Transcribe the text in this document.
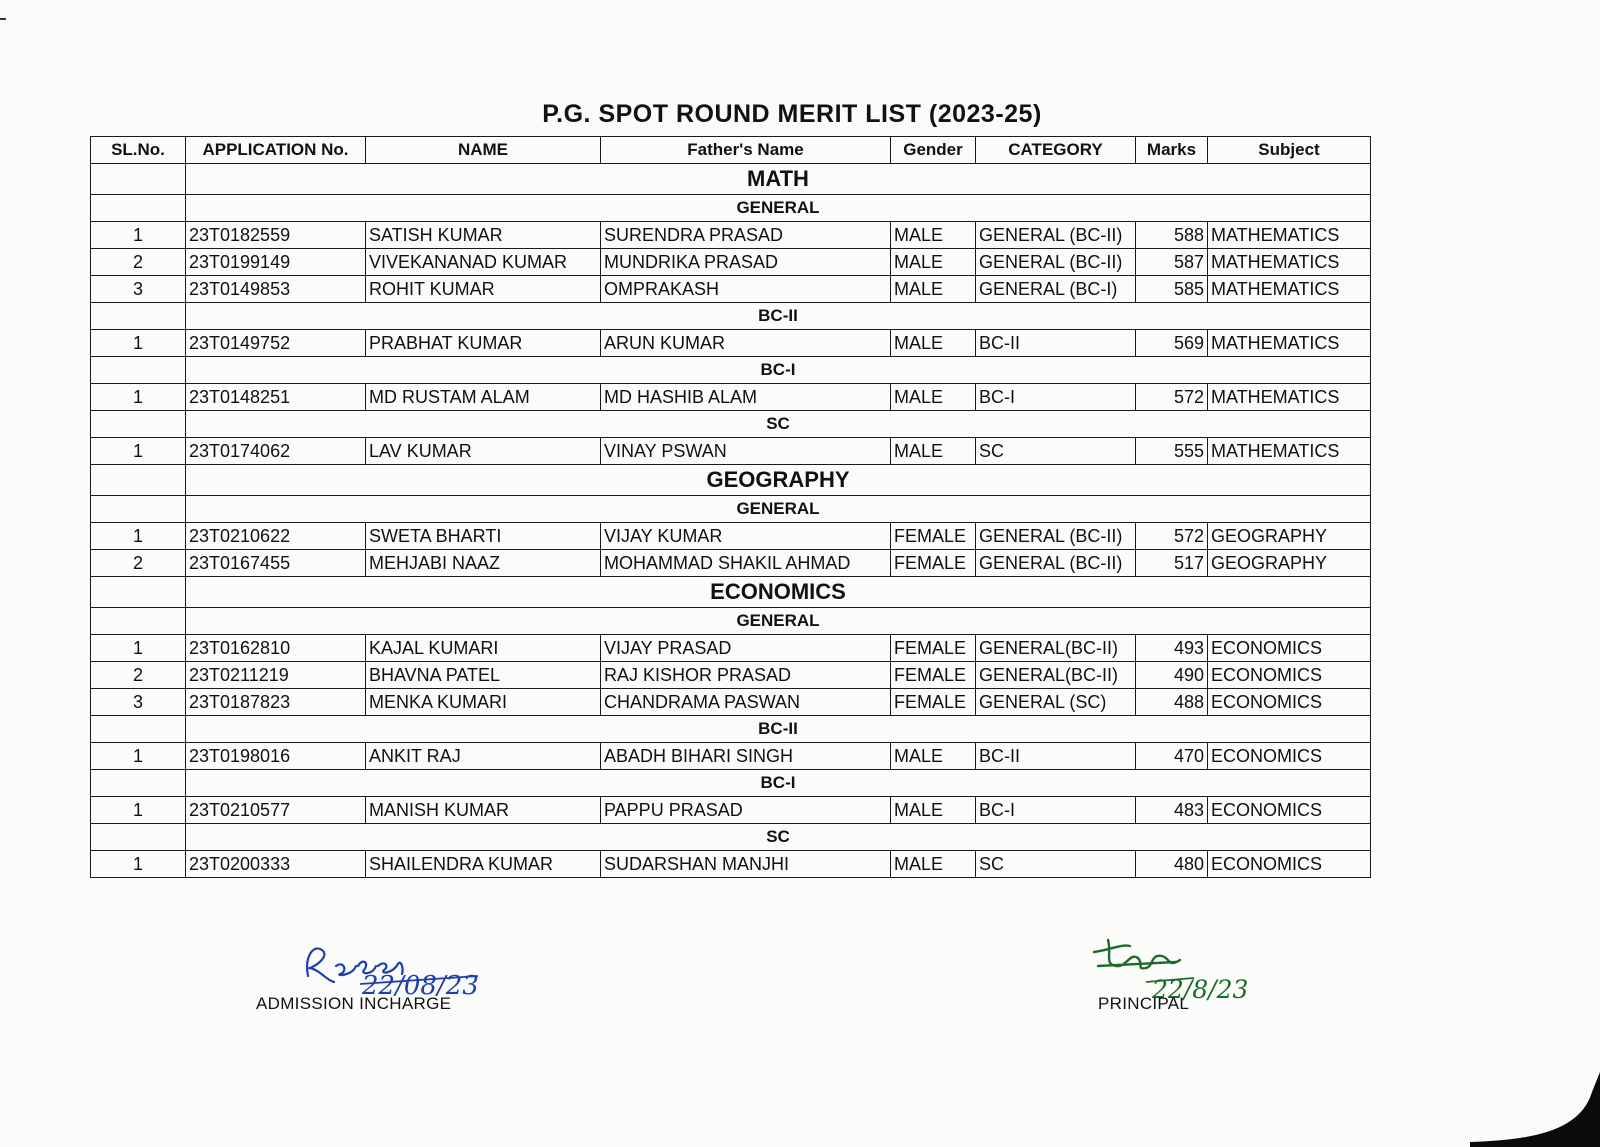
P.G. SPOT ROUND MERIT LIST (2023-25)
SL.No.	APPLICATION No.	NAME	Father's Name	Gender	CATEGORY	Marks	Subject
	MATH						
	GENERAL						
1	23T0182559	SATISH KUMAR	SURENDRA PRASAD	MALE	GENERAL (BC-II)	588	MATHEMATICS
2	23T0199149	VIVEKANANAD KUMAR	MUNDRIKA PRASAD	MALE	GENERAL (BC-II)	587	MATHEMATICS
3	23T0149853	ROHIT KUMAR	OMPRAKASH	MALE	GENERAL (BC-I)	585	MATHEMATICS
	BC-II						
1	23T0149752	PRABHAT KUMAR	ARUN KUMAR	MALE	BC-II	569	MATHEMATICS
	BC-I						
1	23T0148251	MD RUSTAM ALAM	MD HASHIB ALAM	MALE	BC-I	572	MATHEMATICS
	SC						
1	23T0174062	LAV KUMAR	VINAY PSWAN	MALE	SC	555	MATHEMATICS
	GEOGRAPHY						
	GENERAL						
1	23T0210622	SWETA BHARTI	VIJAY KUMAR	FEMALE	GENERAL (BC-II)	572	GEOGRAPHY
2	23T0167455	MEHJABI NAAZ	MOHAMMAD SHAKIL AHMAD	FEMALE	GENERAL (BC-II)	517	GEOGRAPHY
	ECONOMICS						
	GENERAL						
1	23T0162810	KAJAL KUMARI	VIJAY PRASAD	FEMALE	GENERAL(BC-II)	493	ECONOMICS
2	23T0211219	BHAVNA PATEL	RAJ KISHOR PRASAD	FEMALE	GENERAL(BC-II)	490	ECONOMICS
3	23T0187823	MENKA KUMARI	CHANDRAMA PASWAN	FEMALE	GENERAL (SC)	488	ECONOMICS
	BC-II						
1	23T0198016	ANKIT RAJ	ABADH BIHARI SINGH	MALE	BC-II	470	ECONOMICS
	BC-I						
1	23T0210577	MANISH KUMAR	PAPPU PRASAD	MALE	BC-I	483	ECONOMICS
	SC						
1	23T0200333	SHAILENDRA KUMAR	SUDARSHAN MANJHI	MALE	SC	480	ECONOMICS
22/08/23
ADMISSION INCHARGE	22/8/23
PRINCIPAL
